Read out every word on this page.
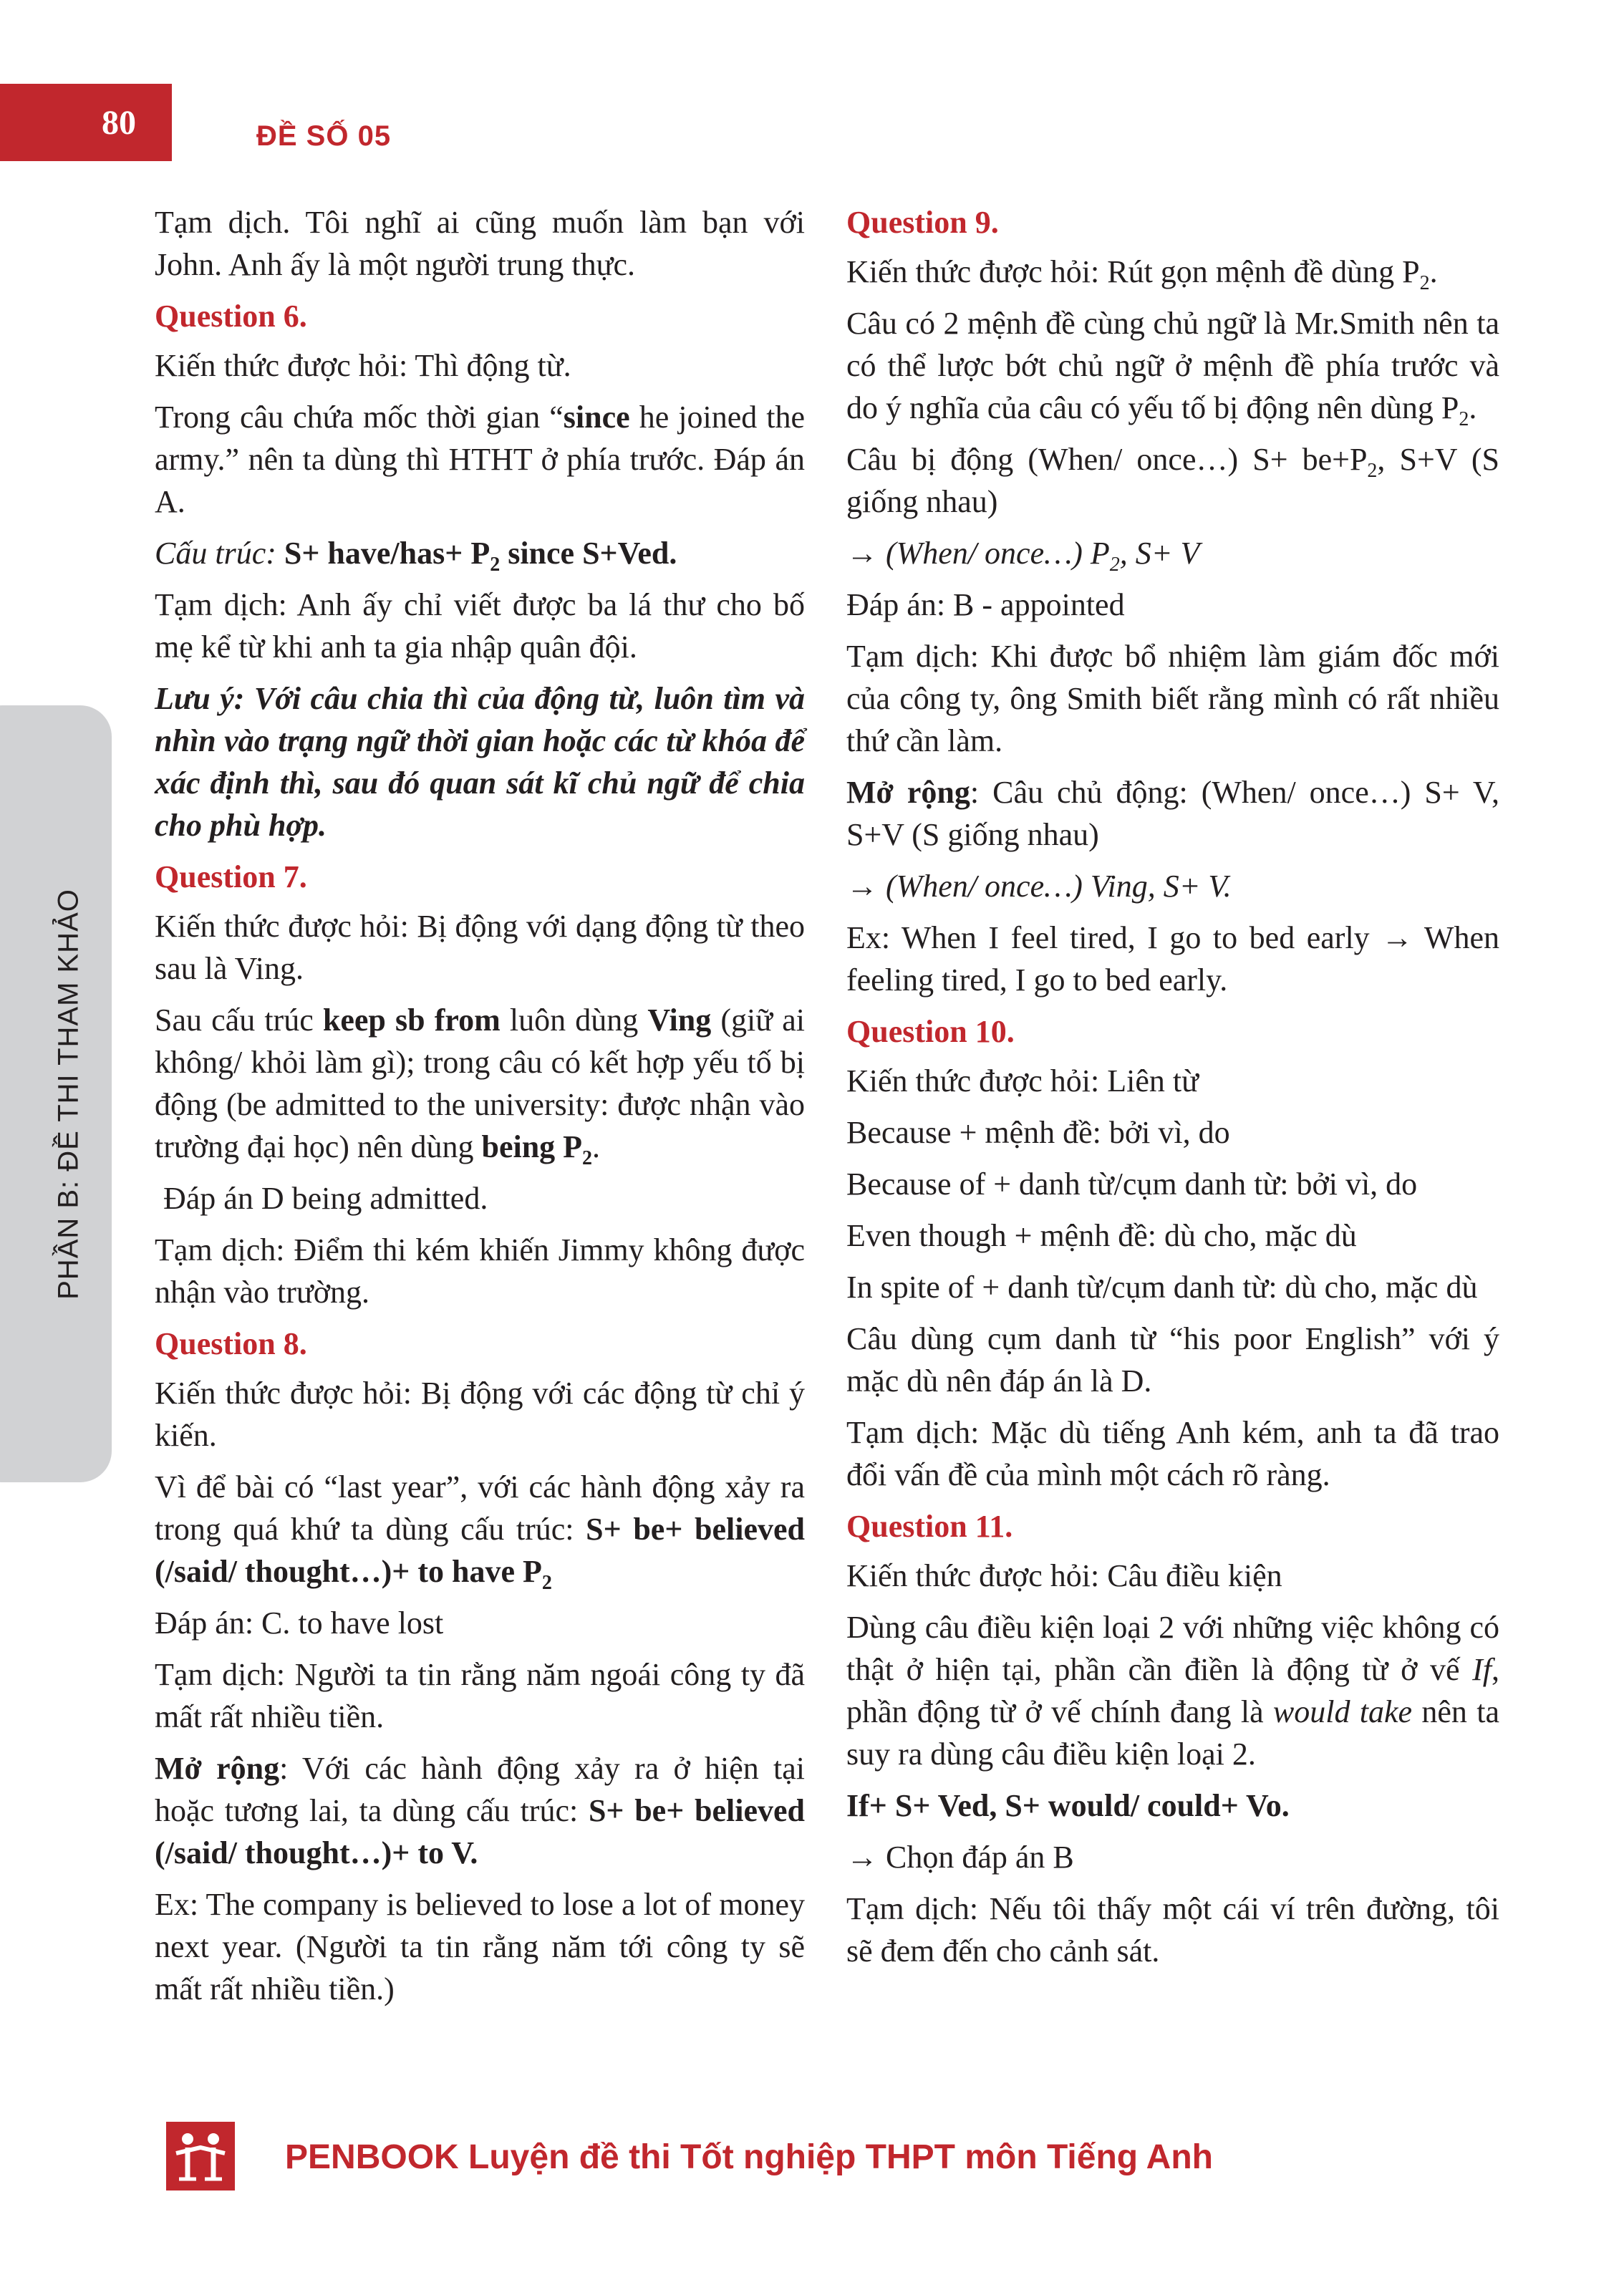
80	ĐỀ SỐ 05
PHẦN B: ĐỀ THI THAM KHẢO

Tạm dịch. Tôi nghĩ ai cũng muốn làm bạn với John. Anh ấy là một người trung thực.

Question 6.

Kiến thức được hỏi: Thì động từ.

Trong câu chứa mốc thời gian “since he joined the army.” nên ta dùng thì HTHT ở phía trước. Đáp án A.

Cấu trúc: S+ have/has+ $P_2$ since S+Ved.

Tạm dịch: Anh ấy chỉ viết được ba lá thư cho bố mẹ kể từ khi anh ta gia nhập quân đội.

Lưu ý: Với câu chia thì của động từ, luôn tìm và nhìn vào trạng ngữ thời gian hoặc các từ khóa để xác định thì, sau đó quan sát kĩ chủ ngữ để chia cho phù hợp.

Question 7.

Kiến thức được hỏi: Bị động với dạng động từ theo sau là Ving.

Sau cấu trúc keep sb from luôn dùng Ving (giữ ai không/ khỏi làm gì); trong câu có kết hợp yếu tố bị động (be admitted to the university: được nhận vào trường đại học) nên dùng being $P_2$.

Đáp án D being admitted.

Tạm dịch: Điểm thi kém khiến Jimmy không được nhận vào trường.

Question 8.

Kiến thức được hỏi: Bị động với các động từ chỉ ý kiến.

Vì để bài có “last year”, với các hành động xảy ra trong quá khứ ta dùng cấu trúc: S+ be+ believed (/said/ thought…)+ to have $P_2$

Đáp án: C. to have lost

Tạm dịch: Người ta tin rằng năm ngoái công ty đã mất rất nhiều tiền.

Mở rộng: Với các hành động xảy ra ở hiện tại hoặc tương lai, ta dùng cấu trúc: S+ be+ believed (/said/ thought…)+ to V.

Ex: The company is believed to lose a lot of money next year. (Người ta tin rằng năm tới công ty sẽ mất rất nhiều tiền.)

Question 9.

Kiến thức được hỏi: Rút gọn mệnh đề dùng $P_2$.

Câu có 2 mệnh đề cùng chủ ngữ là Mr.Smith nên ta có thể lược bớt chủ ngữ ở mệnh đề phía trước và do ý nghĩa của câu có yếu tố bị động nên dùng $P_2$.

Câu bị động (When/ once…) $S+ be+P_2$, S+V (S giống nhau)

→ (When/ once…) $P_2$, S+ V

Đáp án: B - appointed

Tạm dịch: Khi được bổ nhiệm làm giám đốc mới của công ty, ông Smith biết rằng mình có rất nhiều thứ cần làm.

Mở rộng: Câu chủ động: (When/ once…) S+ V, S+V (S giống nhau)

→ (When/ once…) Ving, S+ V.

Ex: When I feel tired, I go to bed early → When feeling tired, I go to bed early.

Question 10.

Kiến thức được hỏi: Liên từ

Because + mệnh đề: bởi vì, do

Because of + danh từ/cụm danh từ: bởi vì, do

Even though + mệnh đề: dù cho, mặc dù

In spite of + danh từ/cụm danh từ: dù cho, mặc dù

Câu dùng cụm danh từ “his poor English” với ý mặc dù nên đáp án là D.

Tạm dịch: Mặc dù tiếng Anh kém, anh ta đã trao đổi vấn đề của mình một cách rõ ràng.

Question 11.

Kiến thức được hỏi: Câu điều kiện

Dùng câu điều kiện loại 2 với những việc không có thật ở hiện tại, phần cần điền là động từ ở vế If, phần động từ ở vế chính đang là would take nên ta suy ra dùng câu điều kiện loại 2.

If+ S+ Ved, S+ would/ could+ Vo.

→ Chọn đáp án B

Tạm dịch: Nếu tôi thấy một cái ví trên đường, tôi sẽ đem đến cho cảnh sát.

PENBOOK Luyện đề thi Tốt nghiệp THPT môn Tiếng Anh
